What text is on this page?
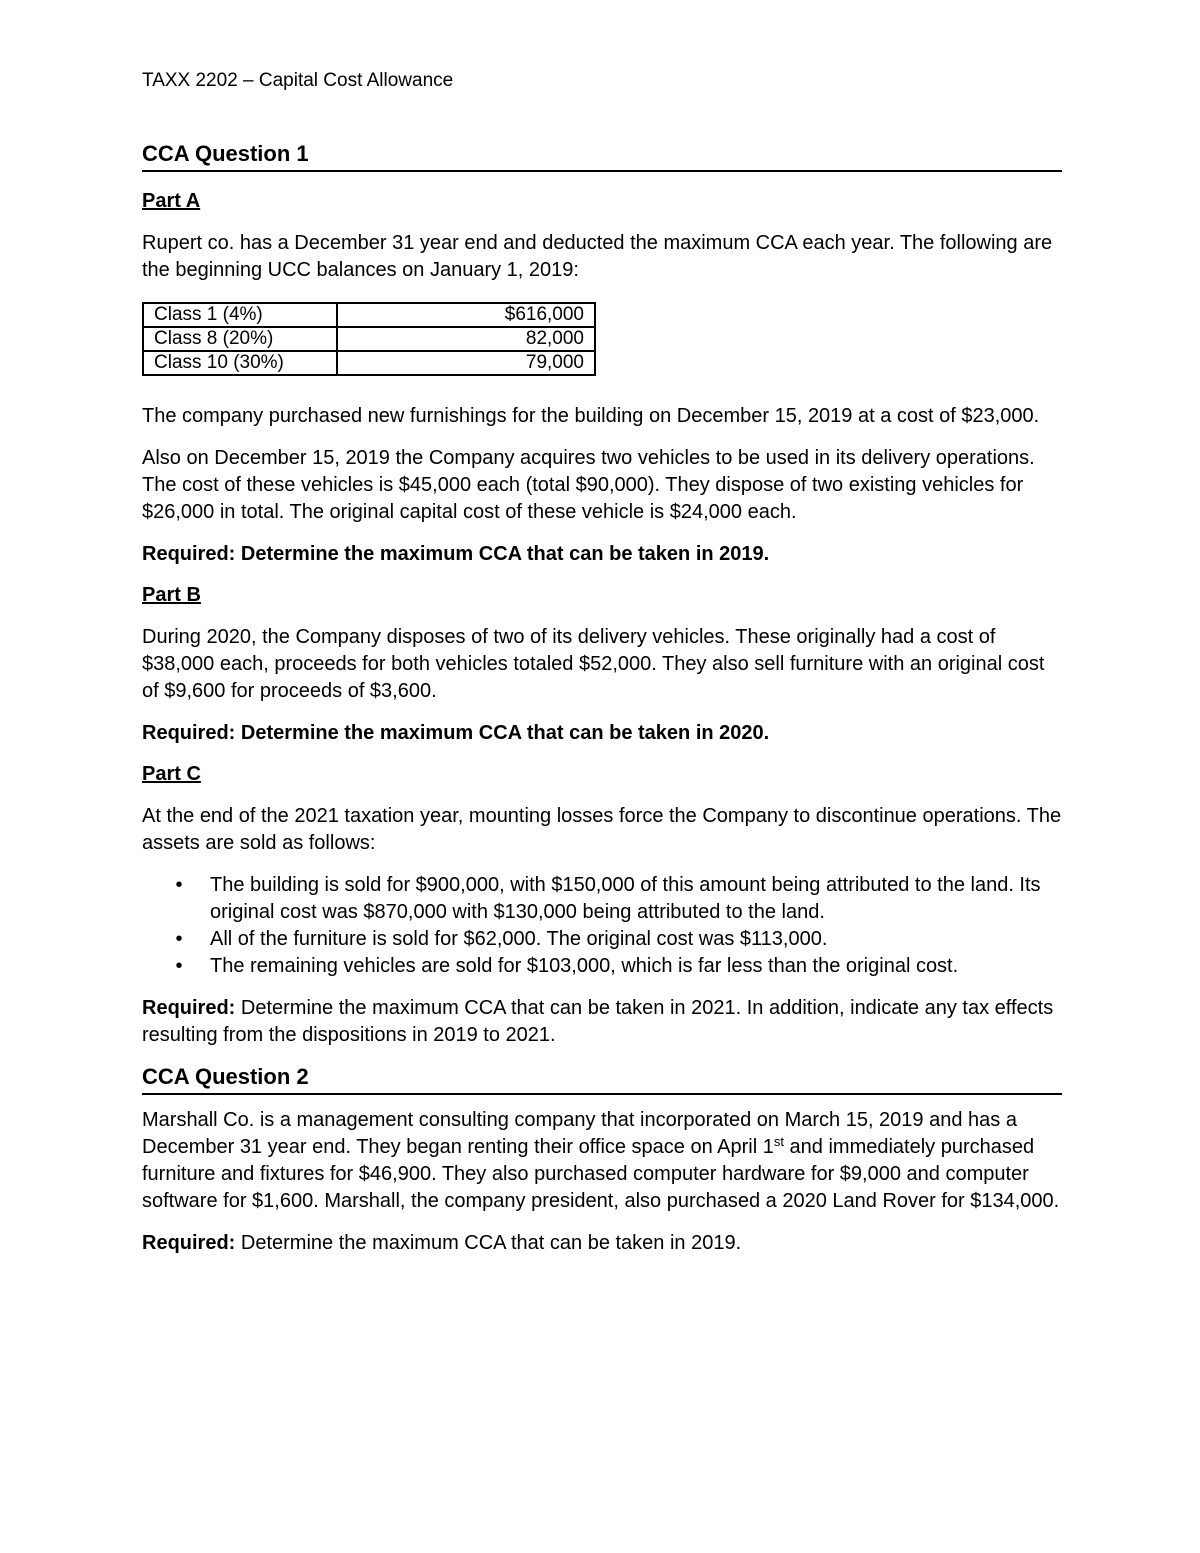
TAXX 2202 – Capital Cost Allowance
CCA Question 1
Part A

Rupert co. has a December 31 year end and deducted the maximum CCA each year. The following are the beginning UCC balances on January 1, 2019:

Class 1 (4%)	$616,000
Class 8 (20%)	82,000
Class 10 (30%)	79,000

The company purchased new furnishings for the building on December 15, 2019 at a cost of $23,000.

Also on December 15, 2019 the Company acquires two vehicles to be used in its delivery operations. The cost of these vehicles is $45,000 each (total $90,000). They dispose of two existing vehicles for $26,000 in total. The original capital cost of these vehicle is $24,000 each.

Required: Determine the maximum CCA that can be taken in 2019.

Part B

During 2020, the Company disposes of two of its delivery vehicles. These originally had a cost of $38,000 each, proceeds for both vehicles totaled $52,000. They also sell furniture with an original cost of $9,600 for proceeds of $3,600.

Required: Determine the maximum CCA that can be taken in 2020.

Part C

At the end of the 2021 taxation year, mounting losses force the Company to discontinue operations. The assets are sold as follows:

• The building is sold for $900,000, with $150,000 of this amount being attributed to the land. Its original cost was $870,000 with $130,000 being attributed to the land.
• All of the furniture is sold for $62,000. The original cost was $113,000.
• The remaining vehicles are sold for $103,000, which is far less than the original cost.

Required: Determine the maximum CCA that can be taken in 2021. In addition, indicate any tax effects resulting from the dispositions in 2019 to 2021.

CCA Question 2

Marshall Co. is a management consulting company that incorporated on March 15, 2019 and has a December 31 year end. They began renting their office space on April 1st and immediately purchased furniture and fixtures for $46,900. They also purchased computer hardware for $9,000 and computer software for $1,600. Marshall, the company president, also purchased a 2020 Land Rover for $134,000.

Required: Determine the maximum CCA that can be taken in 2019.
